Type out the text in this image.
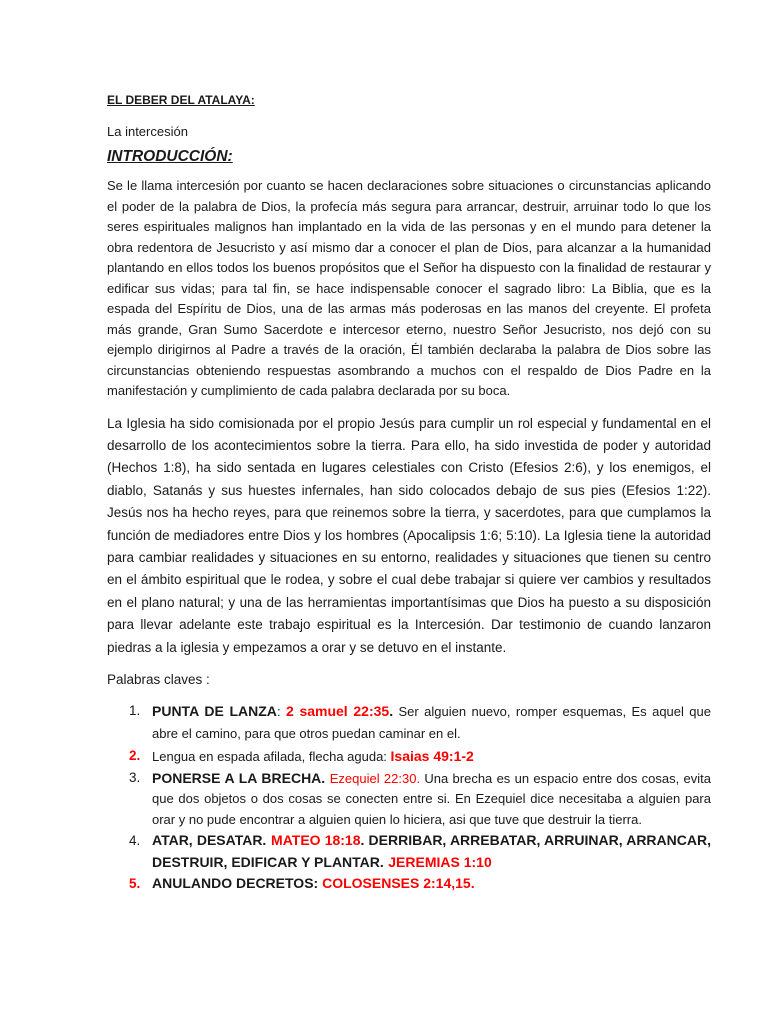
EL DEBER DEL ATALAYA:
La intercesión
INTRODUCCIÓN:

Se le llama intercesión por cuanto se hacen declaraciones sobre situaciones o circunstancias aplicando el poder de la palabra de Dios, la profecía más segura para arrancar, destruir, arruinar todo lo que los seres espirituales malignos han implantado en la vida de las personas y en el mundo para detener la obra redentora de Jesucristo y así mismo dar a conocer el plan de Dios, para alcanzar a la humanidad plantando en ellos todos los buenos propósitos que el Señor ha dispuesto con la finalidad de restaurar y edificar sus vidas; para tal fin, se hace indispensable conocer el sagrado libro: La Biblia, que es la espada del Espíritu de Dios, una de las armas más poderosas en las manos del creyente. El profeta más grande, Gran Sumo Sacerdote e intercesor eterno, nuestro Señor Jesucristo, nos dejó con su ejemplo dirigirnos al Padre a través de la oración, Él también declaraba la palabra de Dios sobre las circunstancias obteniendo respuestas asombrando a muchos con el respaldo de Dios Padre en la manifestación y cumplimiento de cada palabra declarada por su boca.

La Iglesia ha sido comisionada por el propio Jesús para cumplir un rol especial y fundamental en el desarrollo de los acontecimientos sobre la tierra. Para ello, ha sido investida de poder y autoridad (Hechos 1:8), ha sido sentada en lugares celestiales con Cristo (Efesios 2:6), y los enemigos, el diablo, Satanás y sus huestes infernales, han sido colocados debajo de sus pies (Efesios 1:22). Jesús nos ha hecho reyes, para que reinemos sobre la tierra, y sacerdotes, para que cumplamos la función de mediadores entre Dios y los hombres (Apocalipsis 1:6; 5:10). La Iglesia tiene la autoridad para cambiar realidades y situaciones en su entorno, realidades y situaciones que tienen su centro en el ámbito espiritual que le rodea, y sobre el cual debe trabajar si quiere ver cambios y resultados en el plano natural; y una de las herramientas importantísimas que Dios ha puesto a su disposición para llevar adelante este trabajo espiritual es la Intercesión. Dar testimonio de cuando lanzaron piedras a la iglesia y empezamos a orar y se detuvo en el instante.

Palabras claves :
1. PUNTA DE LANZA: 2 samuel 22:35. Ser alguien nuevo, romper esquemas, Es aquel que abre el camino, para que otros puedan caminar en el.
2. Lengua en espada afilada, flecha aguda: Isaias 49:1-2
3. PONERSE A LA BRECHA. Ezequiel 22:30. Una brecha es un espacio entre dos cosas, evita que dos objetos o dos cosas se conecten entre si. En Ezequiel dice necesitaba a alguien para orar y no pude encontrar a alguien quien lo hiciera, asi que tuve que destruir la tierra.
4. ATAR, DESATAR. MATEO 18:18. DERRIBAR, ARREBATAR, ARRUINAR, ARRANCAR, DESTRUIR, EDIFICAR Y PLANTAR. JEREMIAS 1:10
5. ANULANDO DECRETOS: COLOSENSES 2:14,15.
